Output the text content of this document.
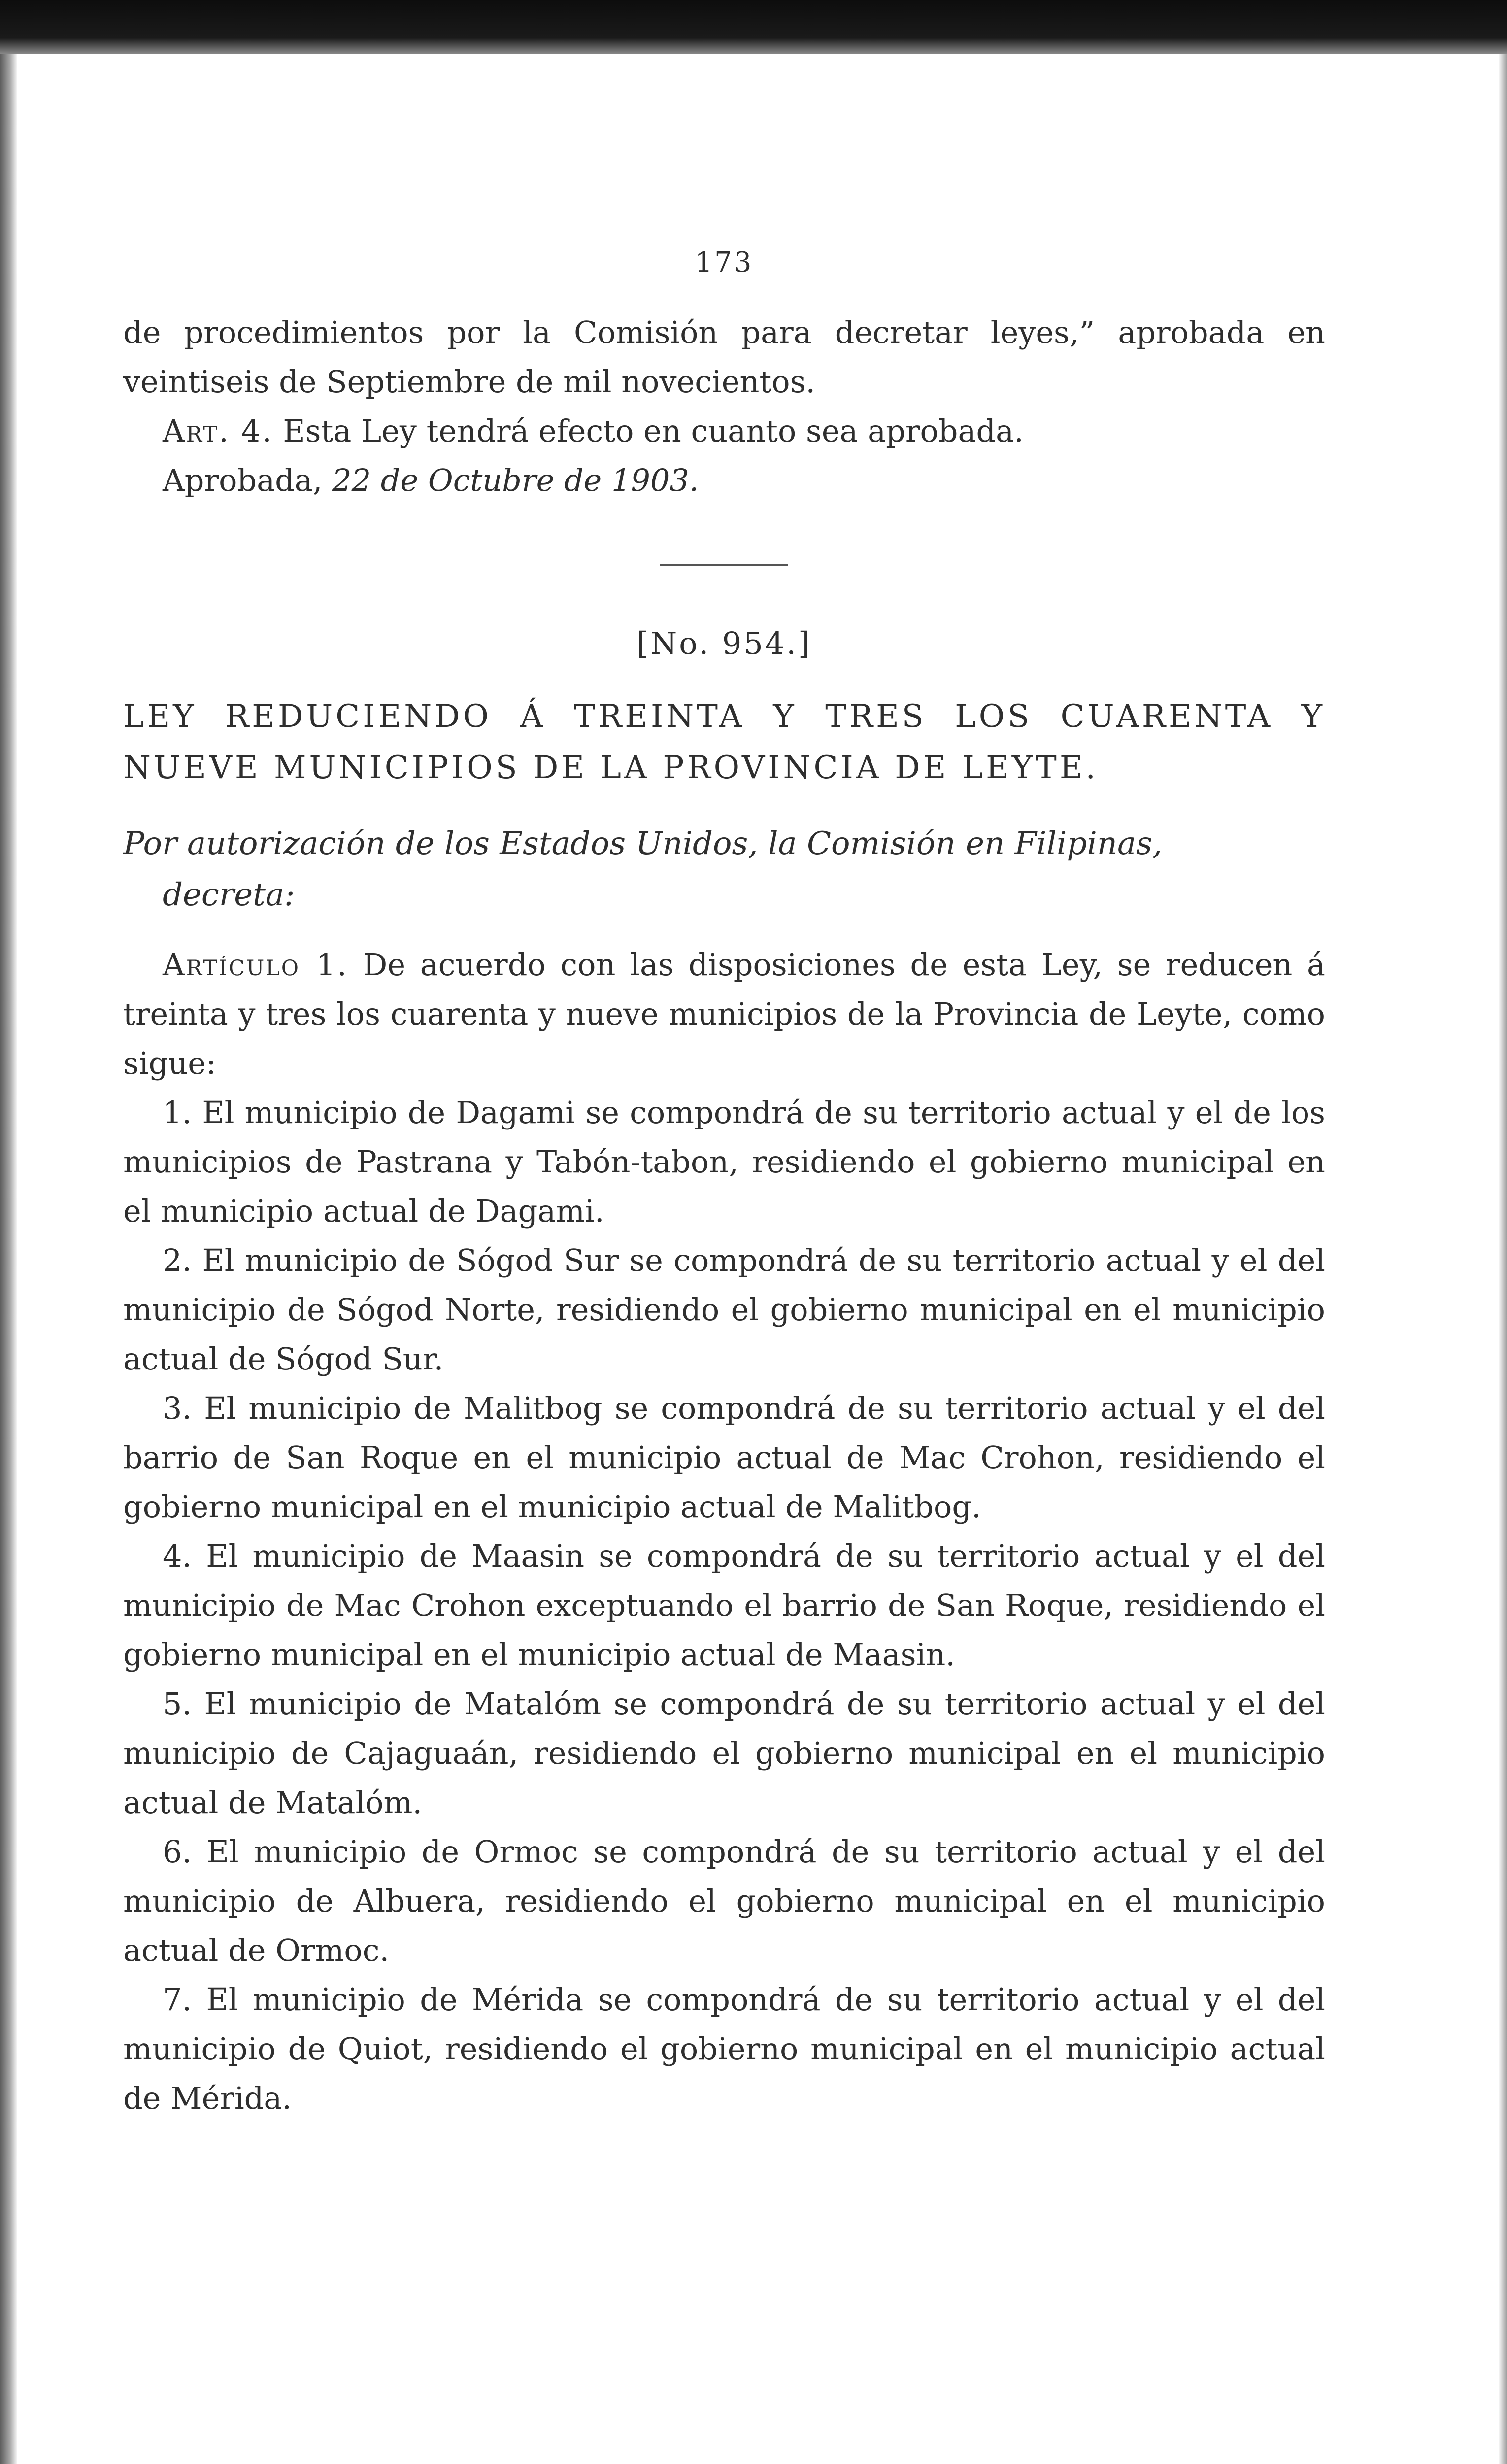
173

de procedimientos por la Comisión para decretar leyes,” aprobada en veintiseis de Septiembre de mil novecientos.

Art. 4. Esta Ley tendrá efecto en cuanto sea aprobada.

Aprobada, 22 de Octubre de 1903.

[No. 954.]
LEY REDUCIENDO Á TREINTA Y TRES LOS CUARENTA Y NUEVE MUNICIPIOS DE LA PROVINCIA DE LEYTE.
Por autorización de los Estados Unidos, la Comisión en Filipinas,
decreta:

Artículo 1. De acuerdo con las disposiciones de esta Ley, se reducen á treinta y tres los cuarenta y nueve municipios de la Provincia de Leyte, como sigue:

1. El municipio de Dagami se compondrá de su territorio actual y el de los municipios de Pastrana y Tabón-tabon, residiendo el gobierno municipal en el municipio actual de Dagami.

2. El municipio de Sógod Sur se compondrá de su territorio actual y el del municipio de Sógod Norte, residiendo el gobierno municipal en el municipio actual de Sógod Sur.

3. El municipio de Malitbog se compondrá de su territorio actual y el del barrio de San Roque en el municipio actual de Mac Crohon, residiendo el gobierno municipal en el municipio actual de Malitbog.

4. El municipio de Maasin se compondrá de su territorio actual y el del municipio de Mac Crohon exceptuando el barrio de San Roque, residiendo el gobierno municipal en el municipio actual de Maasin.

5. El municipio de Matalóm se compondrá de su territorio actual y el del municipio de Cajaguaán, residiendo el gobierno municipal en el municipio actual de Matalóm.

6. El municipio de Ormoc se compondrá de su territorio actual y el del municipio de Albuera, residiendo el gobierno municipal en el municipio actual de Ormoc.

7. El municipio de Mérida se compondrá de su territorio actual y el del municipio de Quiot, residiendo el gobierno municipal en el municipio actual de Mérida.
